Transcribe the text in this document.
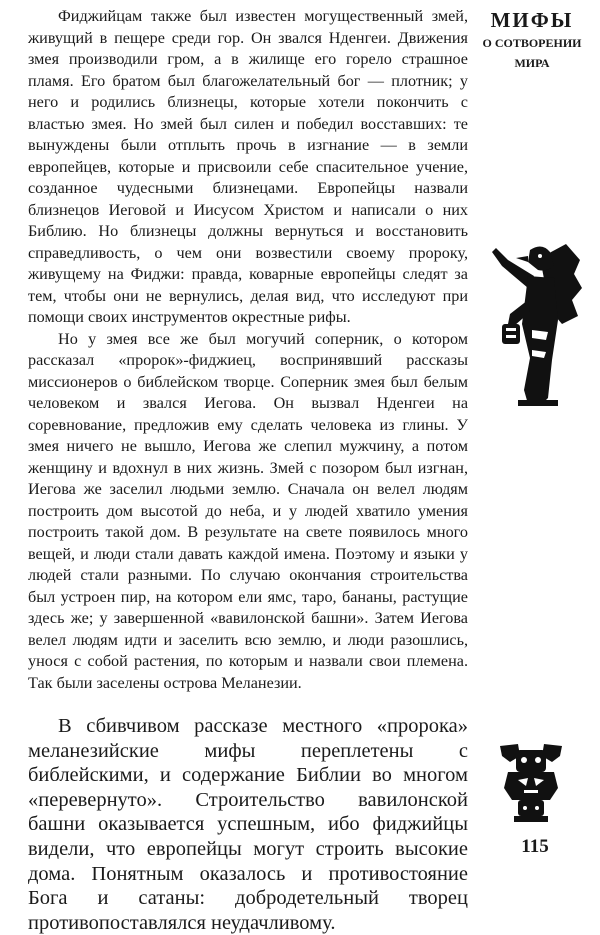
Фиджийцам также был известен могущественный змей, живущий в пещере среди гор. Он звался Нденгеи. Движения змея производили гром, а в жилище его горело страшное пламя. Его братом был благожелательный бог — плотник; у него и родились близнецы, которые хотели покончить с властью змея. Но змей был силен и победил восставших: те вынуждены были отплыть прочь в изгнание — в земли европейцев, которые и присвоили себе спасительное учение, созданное чудесными близнецами. Европейцы назвали близнецов Иеговой и Иисусом Христом и написали о них Библию. Но близнецы должны вернуться и восстановить справедливость, о чем они возвестили своему пророку, живущему на Фиджи: правда, коварные европейцы следят за тем, чтобы они не вернулись, делая вид, что исследуют при помощи своих инструментов окрестные рифы.

Но у змея все же был могучий соперник, о котором рассказал «пророк»-фиджиец, воспринявший рассказы миссионеров о библейском творце. Соперник змея был белым человеком и звался Иегова. Он вызвал Нденгеи на соревнование, предложив ему сделать человека из глины. У змея ничего не вышло, Иегова же слепил мужчину, а потом женщину и вдохнул в них жизнь. Змей с позором был изгнан, Иегова же заселил людьми землю. Сначала он велел людям построить дом высотой до неба, и у людей хватило умения построить такой дом. В результате на свете появилось много вещей, и люди стали давать каждой имена. Поэтому и языки у людей стали разными. По случаю окончания строительства был устроен пир, на котором ели ямс, таро, бананы, растущие здесь же; у завершенной «вавилонской башни». Затем Иегова велел людям идти и заселить всю землю, и люди разошлись, унося с собой растения, по которым и назвали свои племена. Так были заселены острова Меланезии.

В сбивчивом рассказе местного «пророка» меланезийские мифы переплетены с библейскими, и содержание Библии во многом «перевернуто». Строительство вавилонской башни оказывается успешным, ибо фиджийцы видели, что европейцы могут строить высокие дома. Понятным оказалось и противостояние Бога и сатаны: добродетельный творец противопоставлялся неудачливому.

МИФЫ
О СОТВОРЕНИИ
МИРА
115
